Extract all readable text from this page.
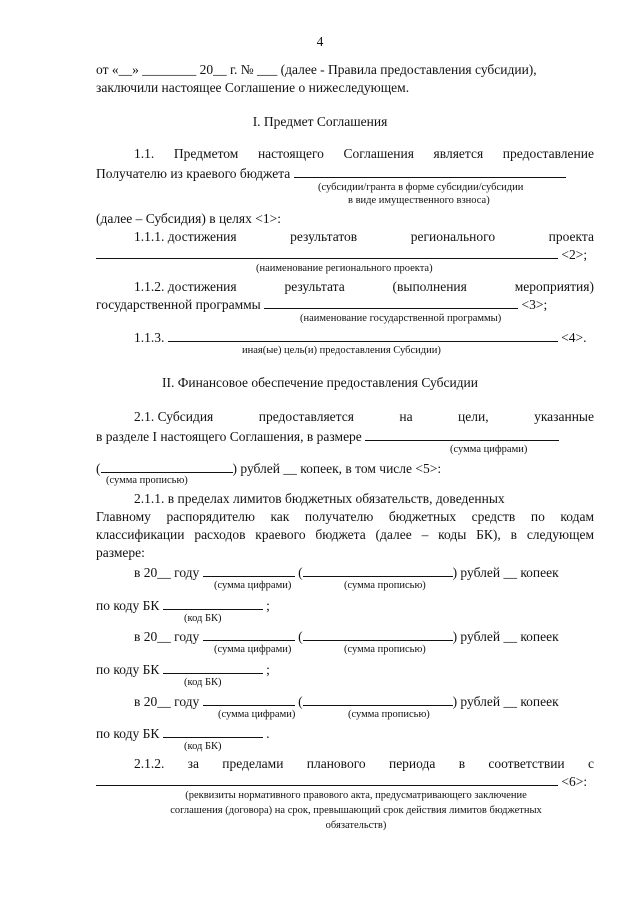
4
от «__» ________ 20__ г. № ___ (далее - Правила предоставления субсидии),
заключили настоящее Соглашение о нижеследующем.
I. Предмет Соглашения
1.1. Предметом настоящего Соглашения является предоставление
Получателю из краевого бюджета
(субсидии/гранта в форме субсидии/субсидии
в виде имущественного взноса)
(далее – Субсидия) в целях <1>:
1.1.1. достижения	результатов	регионального	проекта
<2>;
(наименование регионального проекта)
1.1.2. достижения	результата	(выполнения	мероприятия)
государственной программы	<3>;
(наименование государственной программы)
1.1.3.	<4>.
иная(ые) цель(и) предоставления Субсидии)
II. Финансовое обеспечение предоставления Субсидии
2.1. Субсидия	предоставляется	на	цели,	указанные
в разделе I настоящего Соглашения, в размере
(сумма цифрами)
(	) рублей __ копеек, в том числе <5>:
(сумма прописью)
2.1.1. в пределах лимитов бюджетных обязательств, доведенных
Главному распорядителю как получателю бюджетных средств по кодам
классификации расходов краевого бюджета (далее – коды БК), в следующем
размере:
в 20__ году	(	) рублей __ копеек
(сумма цифрами)	(сумма прописью)
по коду БК	;
(код БК)
в 20__ году	(	) рублей __ копеек
(сумма цифрами)	(сумма прописью)
по коду БК	;
(код БК)
в 20__ году	(	) рублей __ копеек
(сумма цифрами)	(сумма прописью)
по коду БК	.
(код БК)
2.1.2. за пределами планового периода в соответствии с
<6>:
(реквизиты нормативного правового акта, предусматривающего заключение
соглашения (договора) на срок, превышающий срок действия лимитов бюджетных
обязательств)
